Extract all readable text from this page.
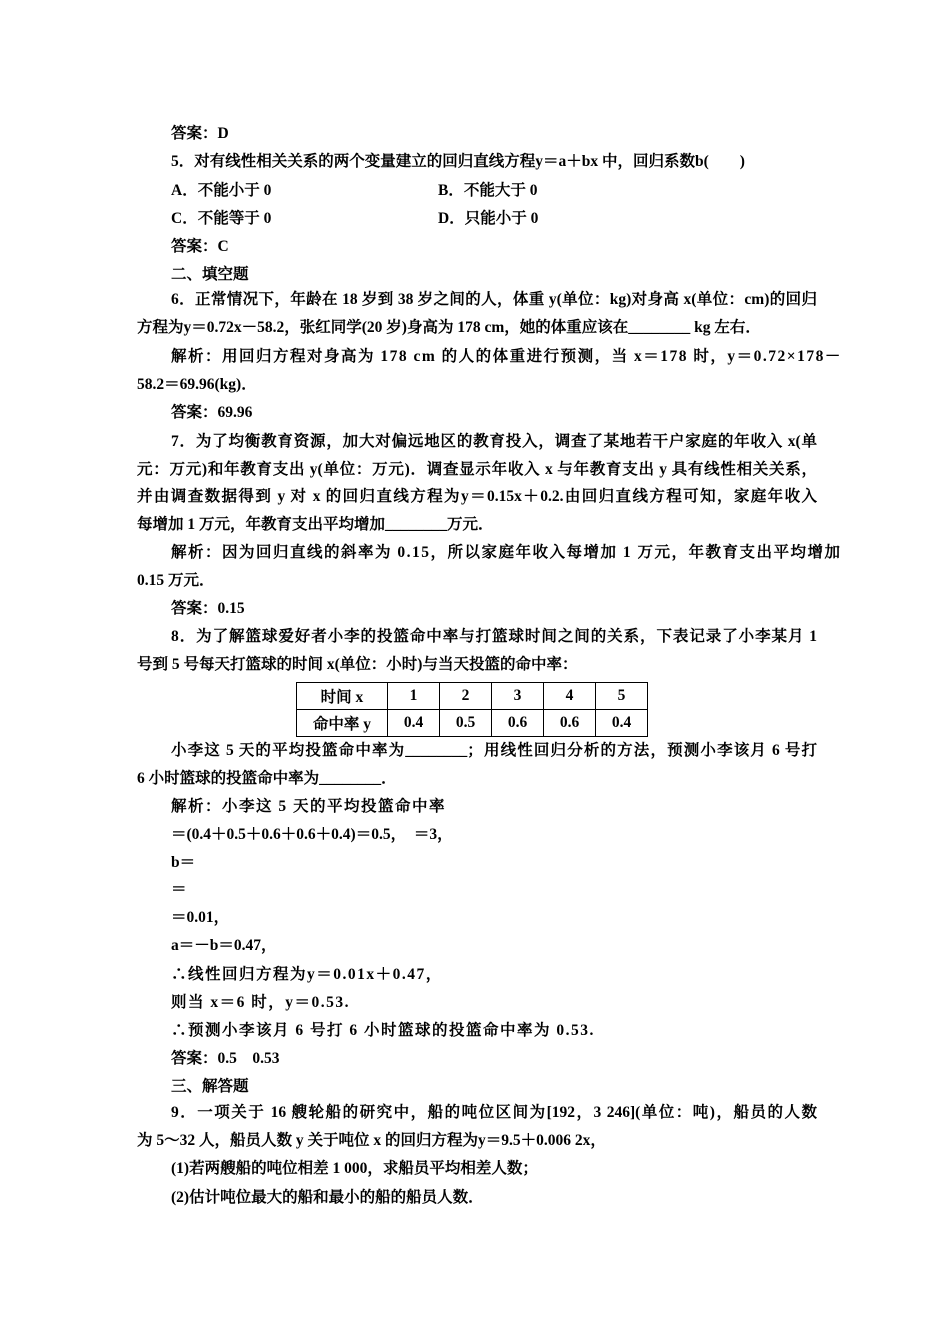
答案：D
5．对有线性相关关系的两个变量建立的回归直线方程y＝a＋bx 中，回归系数b(　　)
A．不能小于 0	B．不能大于 0
C．不能等于 0	D．只能小于 0
答案：C
二、填空题
6．正常情况下，年龄在 18 岁到 38 岁之间的人，体重 y(单位：kg)对身高 x(单位：cm)的回归
方程为y＝0.72x－58.2，张红同学(20 岁)身高为 178 cm，她的体重应该在________ kg 左右．
解析：用回归方程对身高为 178 cm 的人的体重进行预测，当 x＝178 时，y＝0.72×178－
58.2＝69.96(kg)．
答案：69.96
7．为了均衡教育资源，加大对偏远地区的教育投入，调查了某地若干户家庭的年收入 x(单
元：万元)和年教育支出 y(单位：万元)．调查显示年收入 x 与年教育支出 y 具有线性相关关系，
并由调查数据得到 y 对 x 的回归直线方程为y＝0.15x＋0.2.由回归直线方程可知，家庭年收入
每增加 1 万元，年教育支出平均增加________万元．
解析：因为回归直线的斜率为 0.15，所以家庭年收入每增加 1 万元，年教育支出平均增加
0.15 万元．
答案：0.15
8．为了解篮球爱好者小李的投篮命中率与打篮球时间之间的关系，下表记录了小李某月 1
号到 5 号每天打篮球的时间 x(单位：小时)与当天投篮的命中率：
时间 x	1	2	3	4	5
命中率 y	0.4	0.5	0.6	0.6	0.4
小李这 5 天的平均投篮命中率为________；用线性回归分析的方法，预测小李该月 6 号打
6 小时篮球的投篮命中率为________．
解析：小李这 5 天的平均投篮命中率
＝(0.4＋0.5＋0.6＋0.6＋0.4)＝0.5，　＝3，
b＝
＝
＝0.01，
a＝－b＝0.47，
∴线性回归方程为y＝0.01x＋0.47，
则当 x＝6 时，y＝0.53.
∴预测小李该月 6 号打 6 小时篮球的投篮命中率为 0.53.
答案：0.5　0.53
三、解答题
9．一项关于 16 艘轮船的研究中，船的吨位区间为[192，3 246](单位：吨)，船员的人数
为 5～32 人，船员人数 y 关于吨位 x 的回归方程为y＝9.5＋0.006 2x，
(1)若两艘船的吨位相差 1 000，求船员平均相差人数；
(2)估计吨位最大的船和最小的船的船员人数．
